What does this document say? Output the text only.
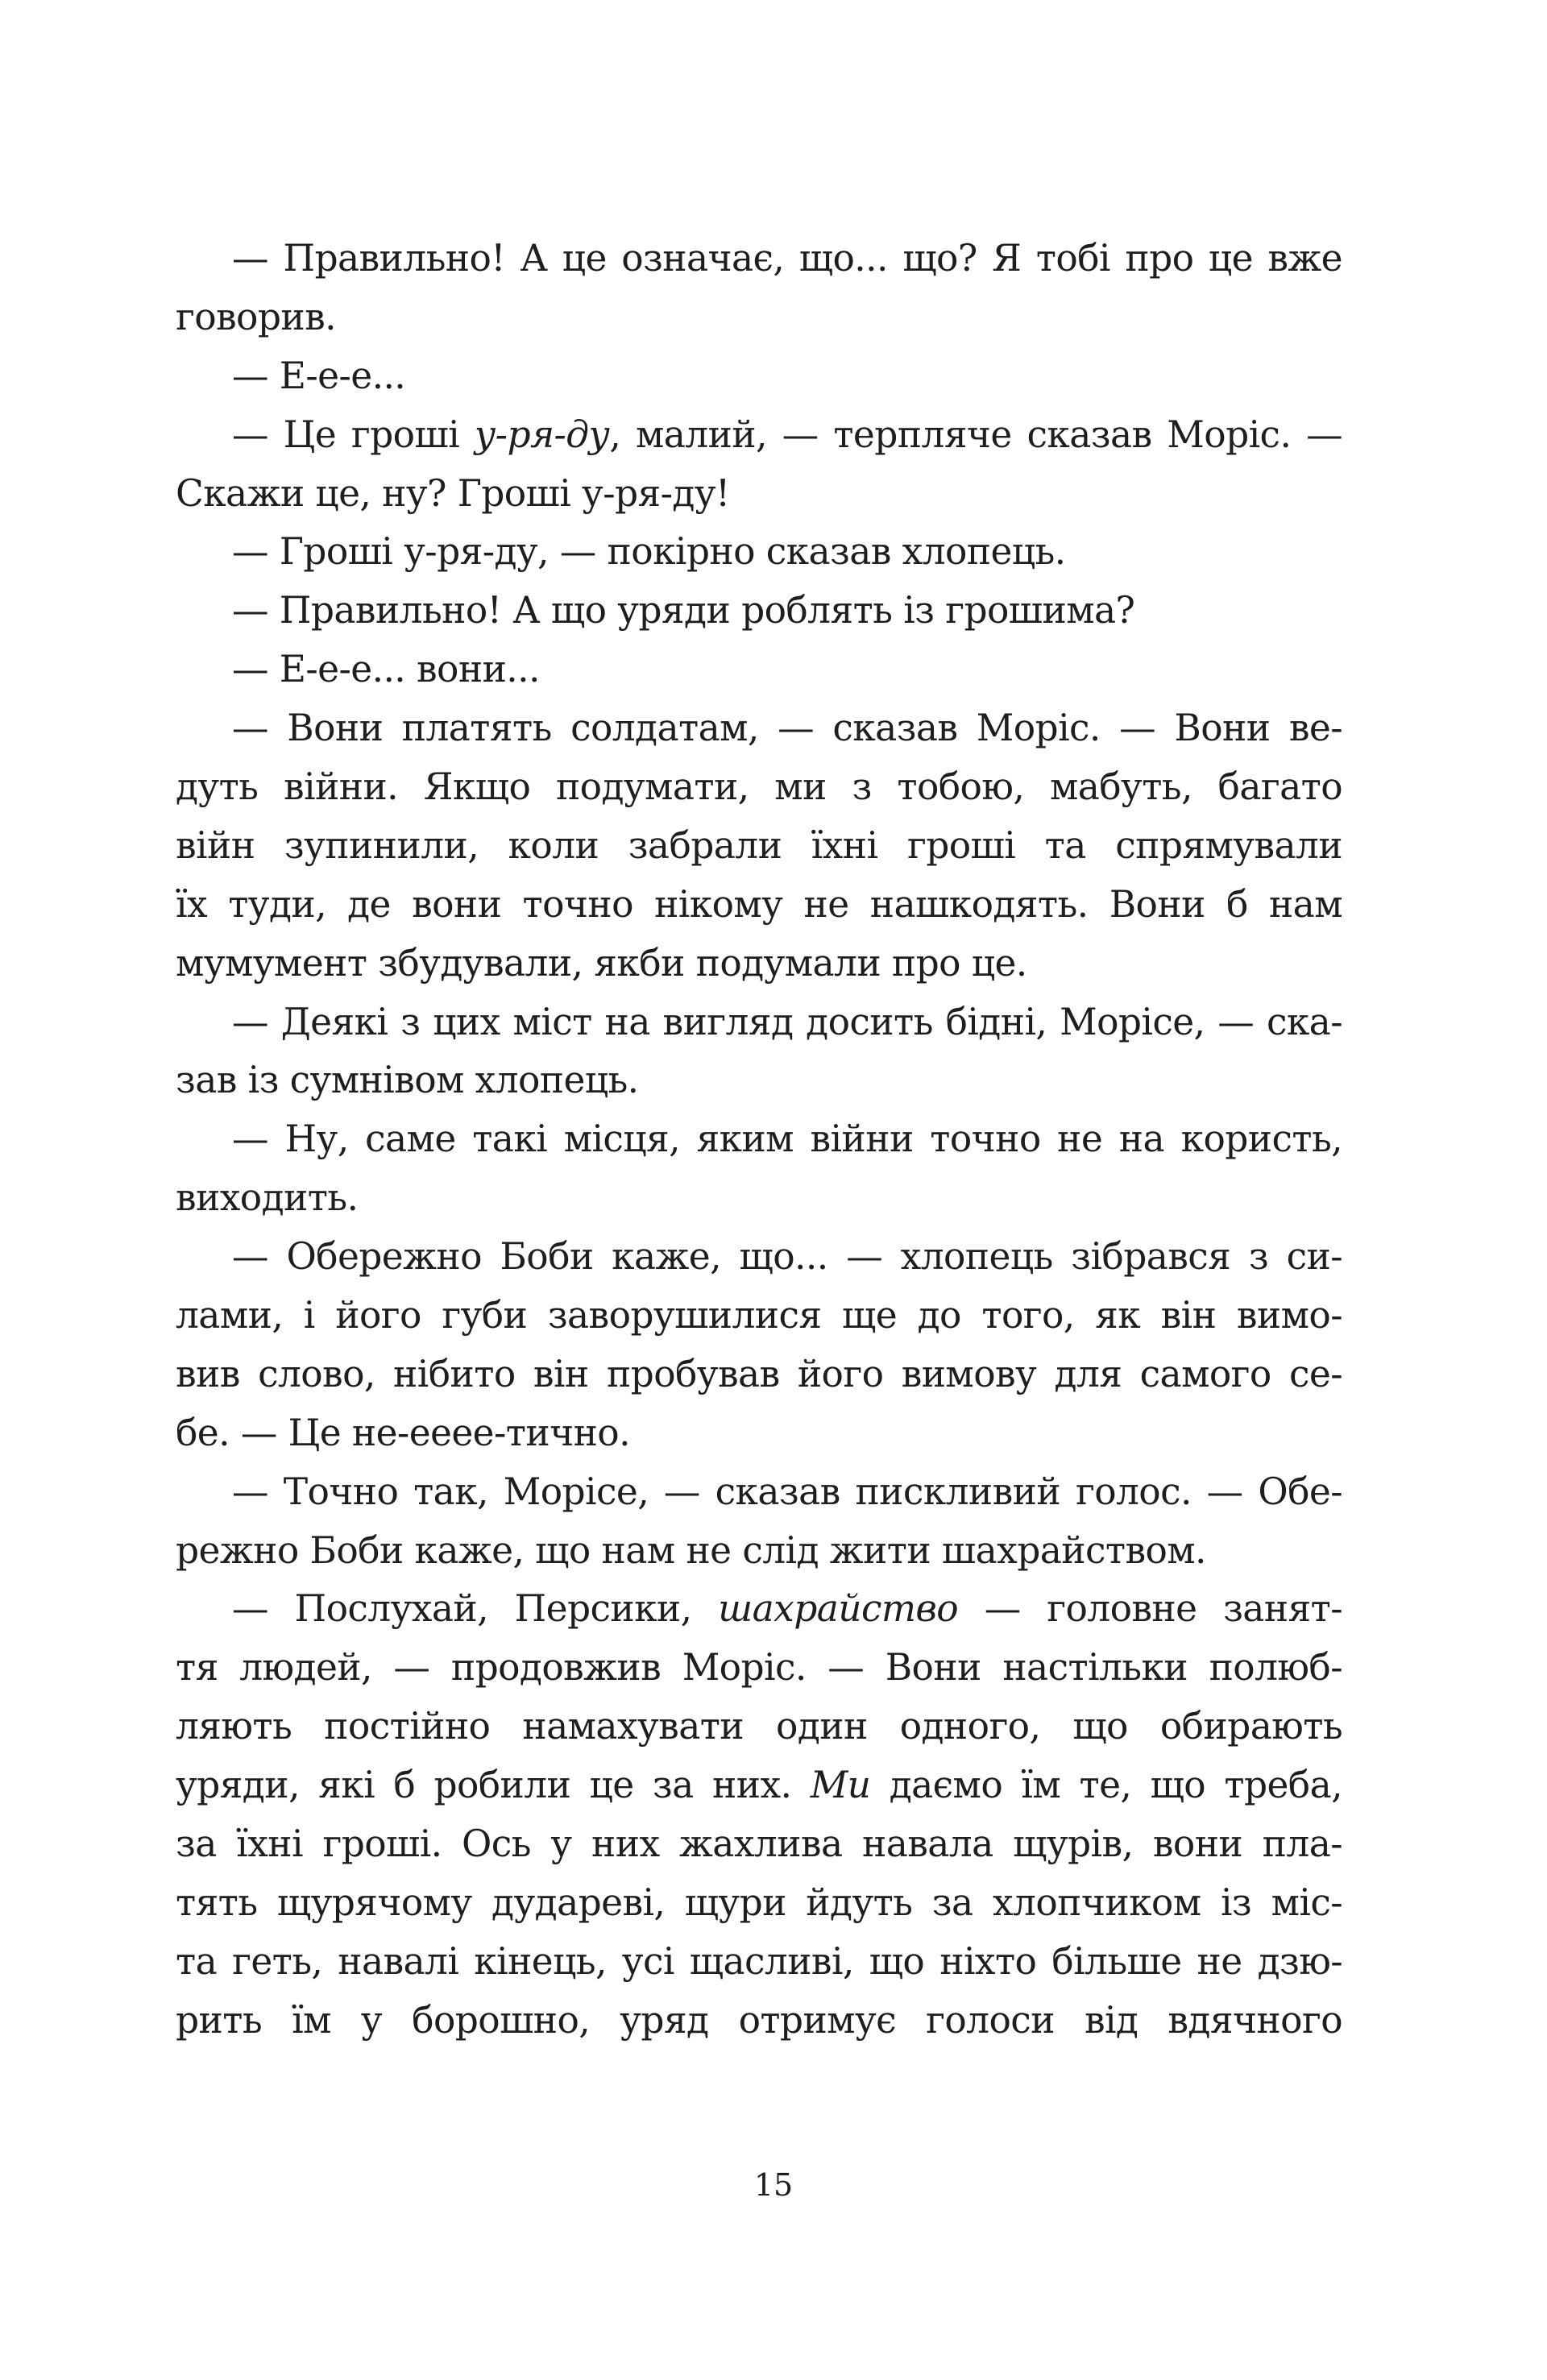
— Правильно! А це означає, що... що? Я тобі про це вже
говорив.
— Е-е-е...
— Це гроші у-ря-ду, малий, — терпляче сказав Моріс. —
Скажи це, ну? Гроші у-ря-ду!
— Гроші у-ря-ду, — покірно сказав хлопець.
— Правильно! А що уряди роблять із грошима?
— Е-е-е... вони...
— Вони платять солдатам, — сказав Моріс. — Вони ве-
дуть війни. Якщо подумати, ми з тобою, мабуть, багато
війн зупинили, коли забрали їхні гроші та спрямували
їх туди, де вони точно нікому не нашкодять. Вони б нам
мумумент збудували, якби подумали про це.
— Деякі з цих міст на вигляд досить бідні, Морісе, — ска-
зав із сумнівом хлопець.
— Ну, саме такі місця, яким війни точно не на користь,
виходить.
— Обережно Боби каже, що... — хлопець зібрався з си-
лами, і його губи заворушилися ще до того, як він вимо-
вив слово, нібито він пробував його вимову для самого се-
бе. — Це не-ееее-тично.
— Точно так, Морісе, — сказав пискливий голос. — Обе-
режно Боби каже, що нам не слід жити шахрайством.
— Послухай, Персики, шахрайство — головне занят-
тя людей, — продовжив Моріс. — Вони настільки полюб-
ляють постійно намахувати один одного, що обирають
уряди, які б робили це за них. Ми даємо їм те, що треба,
за їхні гроші. Ось у них жахлива навала щурів, вони пла-
тять щурячому дудареві, щури йдуть за хлопчиком із міс-
та геть, навалі кінець, усі щасливі, що ніхто більше не дзю-
рить їм у борошно, уряд отримує голоси від вдячного
15
